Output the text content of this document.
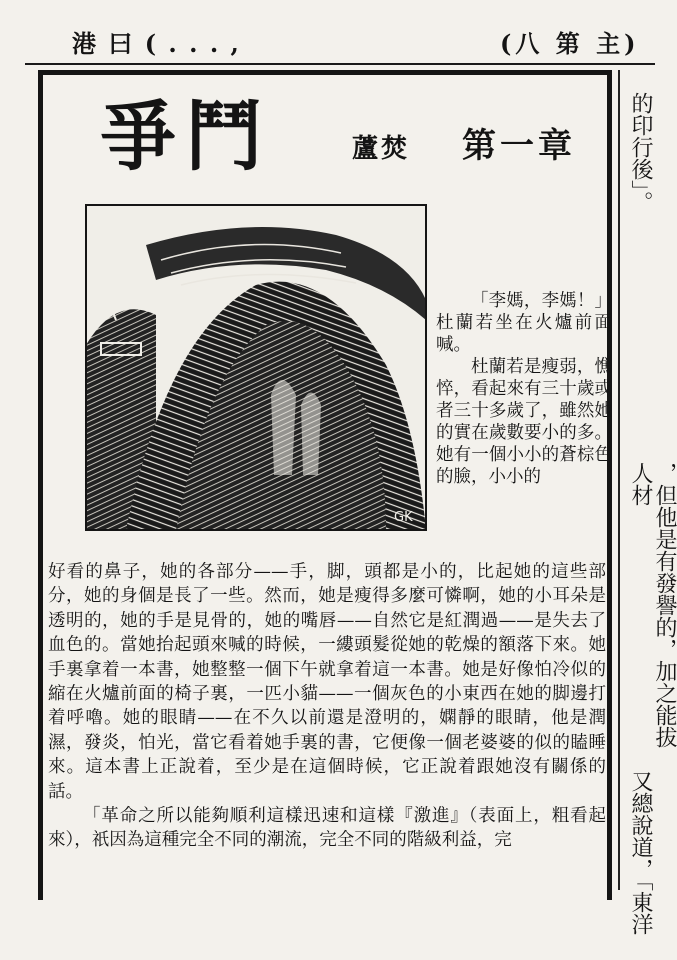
港 曰 ( . . . ,	(八 第 主)
的印行後」。
，但他是有發譽的，加之能拔人材
又總說道，「東洋
爭鬥	蘆焚 第一章
GK

「李媽，李媽！」杜蘭若坐在火爐前面喊。

杜蘭若是瘦弱，憔悴，看起來有三十歲或者三十多歲了，雖然她的實在歲數要小的多。她有一個小小的蒼棕色的臉，小小的

好看的鼻子，她的各部分——手，脚，頭都是小的，比起她的這些部分，她的身個是長了一些。然而，她是瘦得多麼可憐啊，她的小耳朵是透明的，她的手是見骨的，她的嘴唇——自然它是紅潤過——是失去了血色的。當她抬起頭來喊的時候，一縷頭髮從她的乾燥的額落下來。她手裏拿着一本書，她整整一個下午就拿着這一本書。她是好像怕冷似的縮在火爐前面的椅子裏，一匹小貓——一個灰色的小東西在她的脚邊打着呼嚕。她的眼睛——在不久以前還是澄明的，嫻靜的眼睛，他是潤濕，發炎，怕光，當它看着她手裏的書，它便像一個老婆婆的似的瞌睡來。這本書上正說着，至少是在這個時候，它正說着跟她沒有關係的話。

「革命之所以能夠順利這樣迅速和這樣『激進』（表面上，粗看起來），祇因為這種完全不同的潮流，完全不同的階級利益，完
